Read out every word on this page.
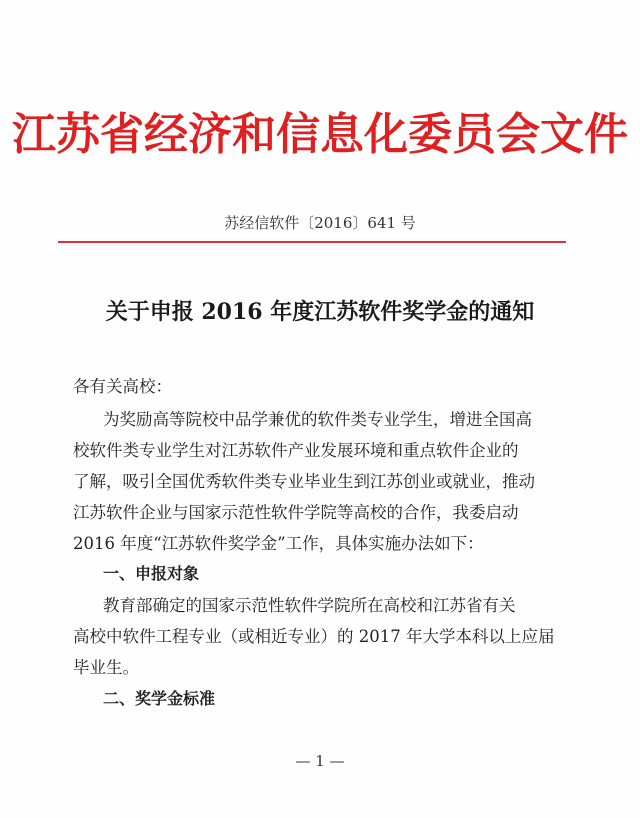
江苏省经济和信息化委员会文件
苏经信软件〔2016〕641 号
关于申报 2016 年度江苏软件奖学金的通知
各有关高校：
为奖励高等院校中品学兼优的软件类专业学生，增进全国高
校软件类专业学生对江苏软件产业发展环境和重点软件企业的
了解，吸引全国优秀软件类专业毕业生到江苏创业或就业，推动
江苏软件企业与国家示范性软件学院等高校的合作，我委启动
2016 年度“江苏软件奖学金”工作，具体实施办法如下：
一、申报对象
教育部确定的国家示范性软件学院所在高校和江苏省有关
高校中软件工程专业（或相近专业）的 2017 年大学本科以上应届
毕业生。
二、奖学金标准
— 1 —
